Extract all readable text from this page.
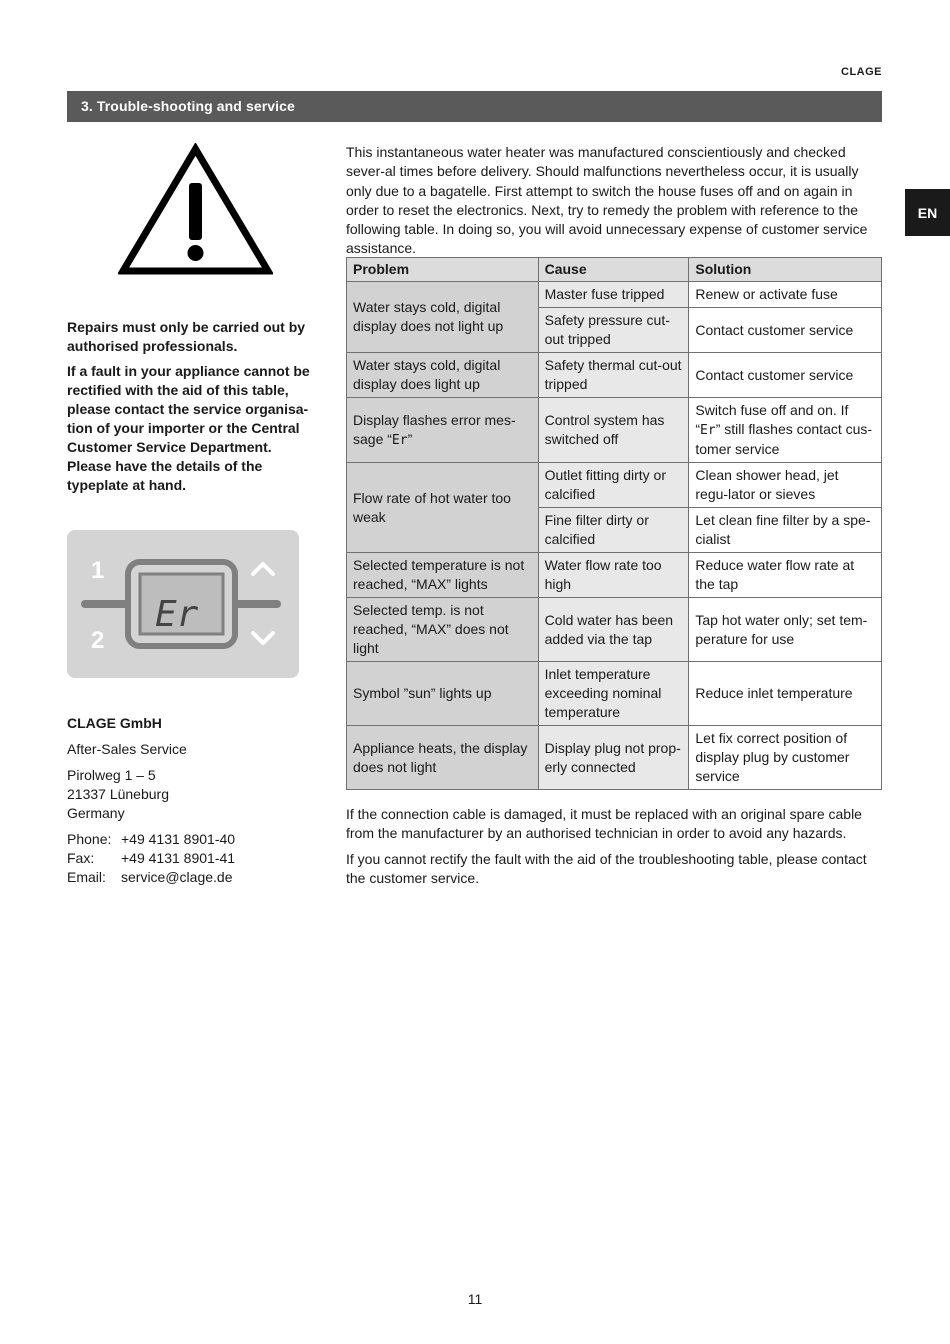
CLAGE
3. Trouble-shooting and service
EN

Repairs must only be carried out by authorised professionals.

If a fault in your appliance cannot be rectified with the aid of this table, please contact the service organisa-tion of your importer or the Central Customer Service Department. Please have the details of the typeplate at hand.

Er
1
2

CLAGE GmbH

After-Sales Service

Pirolweg 1 – 5
21337 Lüneburg
Germany

Phone:	+49 4131 8901-40
Fax:	+49 4131 8901-41
Email:	service@clage.de

This instantaneous water heater was manufactured conscientiously and checked sever-al times before delivery. Should malfunctions nevertheless occur, it is usually only due to a bagatelle. First attempt to switch the house fuses off and on again in order to reset the electronics. Next, try to remedy the problem with reference to the following table. In doing so, you will avoid unnecessary expense of customer service assistance.

Problem	Cause	Solution
Water stays cold, digital display does not light up	Master fuse tripped	Renew or activate fuse
	Safety pressure cut-out tripped	Contact customer service
Water stays cold, digital display does light up	Safety thermal cut-out tripped	Contact customer service
Display flashes error mes-sage “Er”	Control system has switched off	Switch fuse off and on. If “Er” still flashes contact cus-tomer service
Flow rate of hot water too weak	Outlet fitting dirty or calcified	Clean shower head, jet regu-lator or sieves
	Fine filter dirty or calcified	Let clean fine filter by a spe-cialist
Selected temperature is not reached, “MAX” lights	Water flow rate too high	Reduce water flow rate at the tap
Selected temp. is not reached, “MAX” does not light	Cold water has been added via the tap	Tap hot water only; set tem-perature for use
Symbol ”sun” lights up	Inlet temperature exceeding nominal temperature	Reduce inlet temperature
Appliance heats, the display does not light	Display plug not prop-erly connected	Let fix correct position of display plug by customer service

If the connection cable is damaged, it must be replaced with an original spare cable from the manufacturer by an authorised technician in order to avoid any hazards.

If you cannot rectify the fault with the aid of the troubleshooting table, please contact the customer service.

11
